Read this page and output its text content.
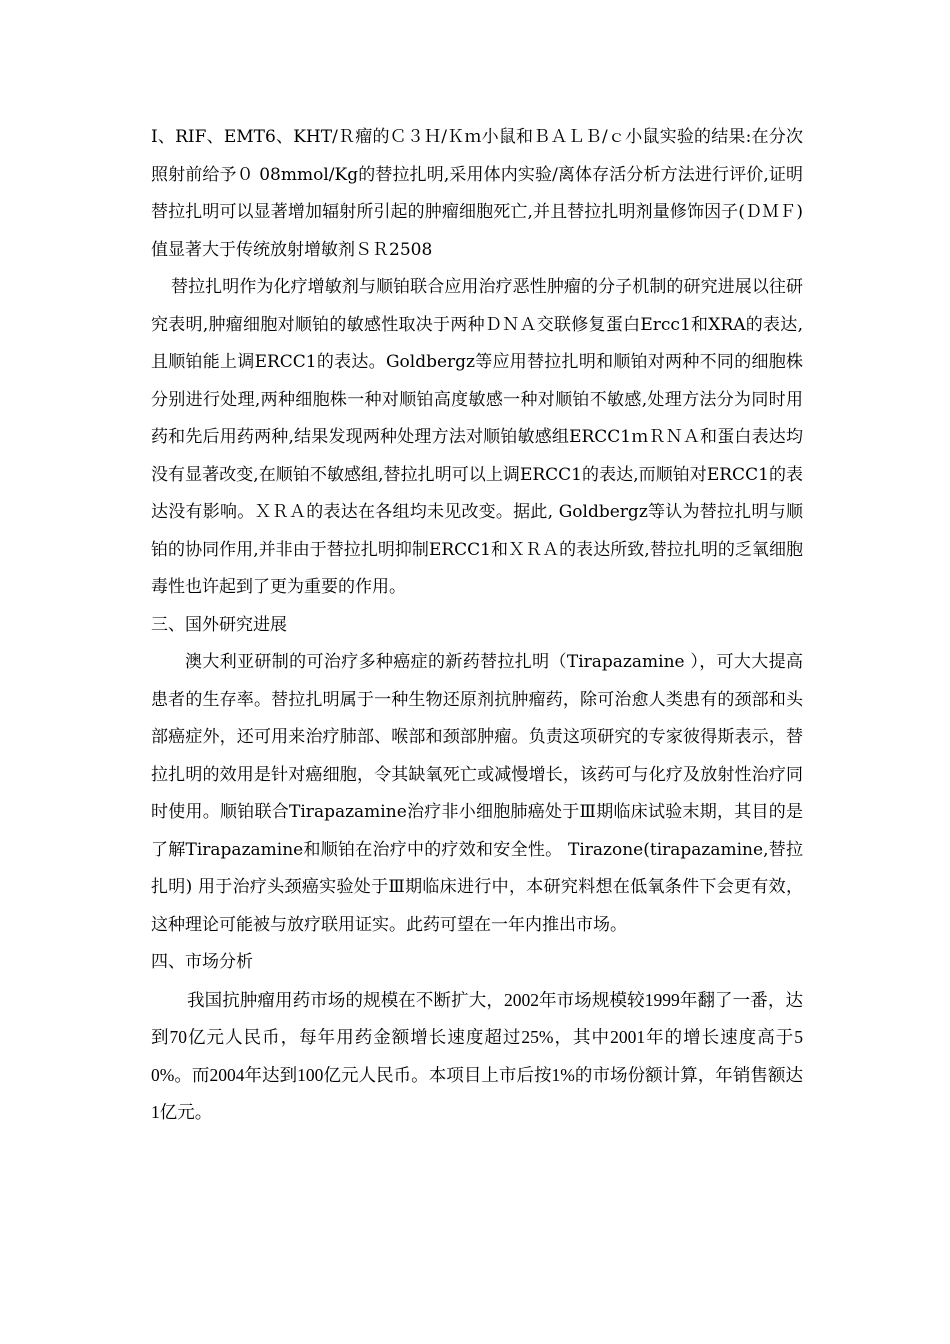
Ⅰ、RIF、EMT6、KHT/Ｒ瘤的Ｃ３Ｈ/Ｋｍ小鼠和ＢＡＬＢ/ｃ小鼠实验的结果:在分次照射前给予０ 08mmol/Kg的替拉扎明,采用体内实验/离体存活分析方法进行评价,证明替拉扎明可以显著增加辐射所引起的肿瘤细胞死亡,并且替拉扎明剂量修饰因子(ＤＭＦ)值显著大于传统放射增敏剂ＳＲ2508

替拉扎明作为化疗增敏剂与顺铂联合应用治疗恶性肿瘤的分子机制的研究进展以往研究表明,肿瘤细胞对顺铂的敏感性取决于两种ＤＮＡ交联修复蛋白Ercc1和XRA的表达,且顺铂能上调ERCC1的表达。Goldbergz等应用替拉扎明和顺铂对两种不同的细胞株分别进行处理,两种细胞株一种对顺铂高度敏感一种对顺铂不敏感,处理方法分为同时用药和先后用药两种,结果发现两种处理方法对顺铂敏感组ERCC1ｍＲＮＡ和蛋白表达均没有显著改变,在顺铂不敏感组,替拉扎明可以上调ERCC1的表达,而顺铂对ERCC1的表达没有影响。ＸＲＡ的表达在各组均未见改变。据此, Goldbergz等认为替拉扎明与顺铂的协同作用,并非由于替拉扎明抑制ERCC1和ＸＲＡ的表达所致,替拉扎明的乏氧细胞毒性也许起到了更为重要的作用。

三、国外研究进展

澳大利亚研制的可治疗多种癌症的新药替拉扎明（Tirapazamine ），可大大提高患者的生存率。替拉扎明属于一种生物还原剂抗肿瘤药，除可治愈人类患有的颈部和头部癌症外，还可用来治疗肺部、喉部和颈部肿瘤。负责这项研究的专家彼得斯表示，替拉扎明的效用是针对癌细胞，令其缺氧死亡或减慢增长，该药可与化疗及放射性治疗同时使用。顺铂联合Tirapazamine治疗非小细胞肺癌处于Ⅲ期临床试验末期，其目的是了解Tirapazamine和顺铂在治疗中的疗效和安全性。 Tirazone(tirapazamine,替拉扎明) 用于治疗头颈癌实验处于Ⅲ期临床进行中，本研究料想在低氧条件下会更有效，这种理论可能被与放疗联用证实。此药可望在一年内推出市场。

四、市场分析

我国抗肿瘤用药市场的规模在不断扩大，2002年市场规模较1999年翻了一番，达到70亿元人民币，每年用药金额增长速度超过25%，其中2001年的增长速度高于50%。而2004年达到100亿元人民币。本项目上市后按1%的市场份额计算，年销售额达1亿元。
